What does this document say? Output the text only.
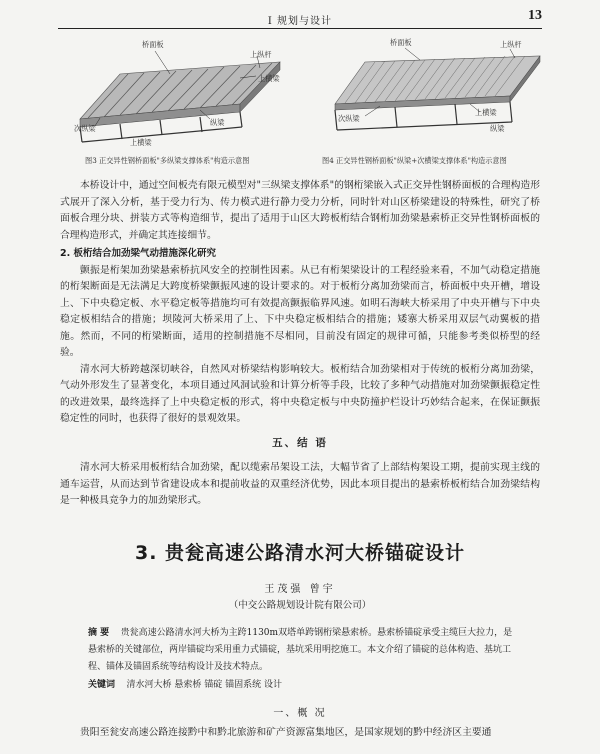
Ⅰ 规划与设计	13
桥面板
上纵杆
上横梁
次纵梁
纵梁
上横梁
图3 正交异性钢桥面板"多纵梁支撑体系"构造示意图
桥面板	上纵杆
次纵梁
上横梁
纵梁
图4 正交异性钢桥面板"纵梁+次横梁支撑体系"构造示意图

本桥设计中，通过空间板壳有限元模型对"三纵梁支撑体系"的钢桁梁嵌入式正交异性钢桥面板的合理构造形式展开了深入分析，基于受力行为、传力模式进行静力受力分析，同时针对山区桥梁建设的特殊性，研究了桥面板合理分块、拼装方式等构造细节，提出了适用于山区大跨板桁结合钢桁加劲梁悬索桥正交异性钢桥面板的合理构造形式，并确定其连接细节。

2. 板桁结合加劲梁气动措施深化研究

颤振是桁架加劲梁悬索桥抗风安全的控制性因素。从已有桁架梁设计的工程经验来看，不加气动稳定措施的桁架断面是无法满足大跨度桥梁颤振风速的设计要求的。对于板桁分离加劲梁而言，桥面板中央开槽，增设上、下中央稳定板、水平稳定板等措施均可有效提高颤振临界风速。如明石海峡大桥采用了中央开槽与下中央稳定板相结合的措施；坝陵河大桥采用了上、下中央稳定板相结合的措施；矮寨大桥采用双层气动翼板的措施。然而，不同的桁梁断面，适用的控制措施不尽相同，目前没有固定的规律可循，只能参考类似桥型的经验。

清水河大桥跨越深切峡谷，自然风对桥梁结构影响较大。板桁结合加劲梁相对于传统的板桁分离加劲梁，气动外形发生了显著变化，本项目通过风洞试验和计算分析等手段，比较了多种气动措施对加劲梁颤振稳定性的改进效果，最终选择了上中央稳定板的形式，将中央稳定板与中央防撞护栏设计巧妙结合起来，在保证颤振稳定性的同时，也获得了很好的景观效果。

五、结 语

清水河大桥采用板桁结合加劲梁，配以缆索吊架设工法，大幅节省了上部结构架设工期，提前实现主线的通车运营，从而达到节省建设成本和提前收益的双重经济优势，因此本项目提出的悬索桥板桁结合加劲梁结构是一种极具竞争力的加劲梁形式。

3. 贵瓮高速公路清水河大桥锚碇设计
王茂强 曾宇
（中交公路规划设计院有限公司）
摘 要 贵瓮高速公路清水河大桥为主跨1130m双塔单跨钢桁梁悬索桥。悬索桥锚碇承受主缆巨大拉力，是悬索桥的关键部位，两岸锚碇均采用重力式锚碇，基坑采用明挖施工。本文介绍了锚碇的总体构造、基坑工程、锚体及锚固系统等结构设计及技术特点。
关键词 清水河大桥 悬索桥 锚碇 锚固系统 设计
一、概 况
贵阳至瓮安高速公路连接黔中和黔北旅游和矿产资源富集地区，是国家规划的黔中经济区主要通
